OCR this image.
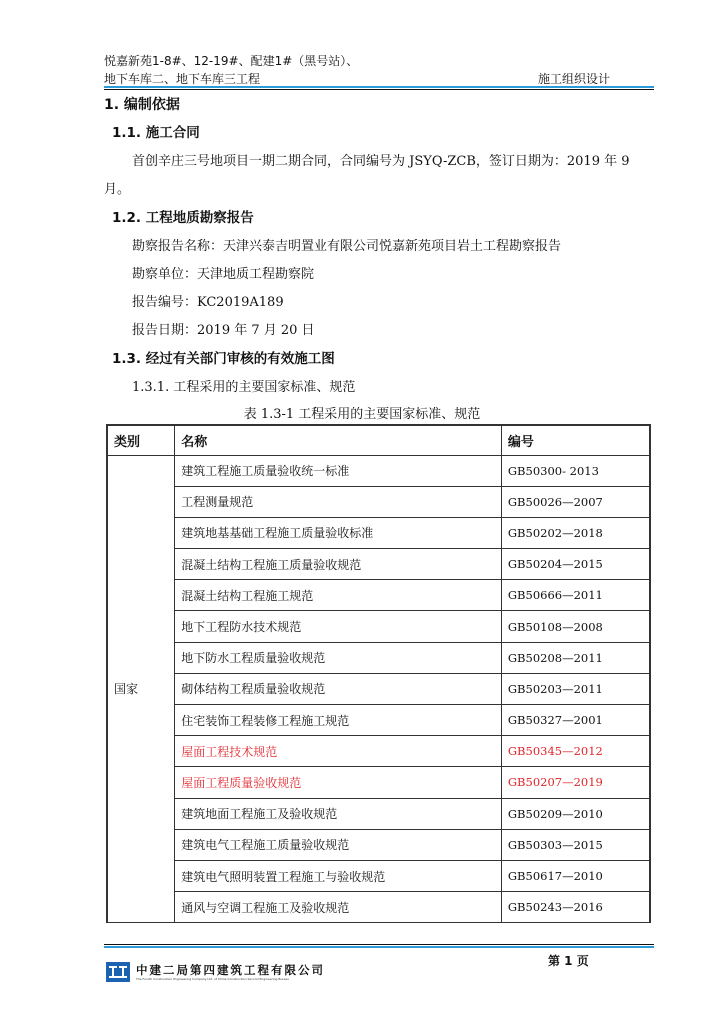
悦嘉新苑1-8#、12-19#、配建1#（黑号站）、
地下车库二、地下车库三工程	施工组织设计
1. 编制依据
1.1. 施工合同
首创辛庄三号地项目一期二期合同，合同编号为 JSYQ-ZCB，签订日期为：2019 年 9
月。
1.2. 工程地质勘察报告
勘察报告名称：天津兴泰吉明置业有限公司悦嘉新苑项目岩土工程勘察报告
勘察单位：天津地质工程勘察院
报告编号：KC2019A189
报告日期：2019 年 7 月 20 日
1.3. 经过有关部门审核的有效施工图
1.3.1. 工程采用的主要国家标准、规范
表 1.3-1 工程采用的主要国家标准、规范
类别	名称	编号
国家	建筑工程施工质量验收统一标准	GB50300- 2013
	工程测量规范	GB50026—2007
	建筑地基基础工程施工质量验收标准	GB50202—2018
	混凝土结构工程施工质量验收规范	GB50204—2015
	混凝土结构工程施工规范	GB50666—2011
	地下工程防水技术规范	GB50108—2008
	地下防水工程质量验收规范	GB50208—2011
	砌体结构工程质量验收规范	GB50203—2011
	住宅装饰工程装修工程施工规范	GB50327—2001
	屋面工程技术规范	GB50345—2012
	屋面工程质量验收规范	GB50207—2019
	建筑地面工程施工及验收规范	GB50209—2010
	建筑电气工程施工质量验收规范	GB50303—2015
	建筑电气照明装置工程施工与验收规范	GB50617—2010
	通风与空调工程施工及验收规范	GB50243—2016
第 1 页
中建二局第四建筑工程有限公司
The Fourth Construction Engineering Company Ltd. of China Construction Second Engineering Bureau
